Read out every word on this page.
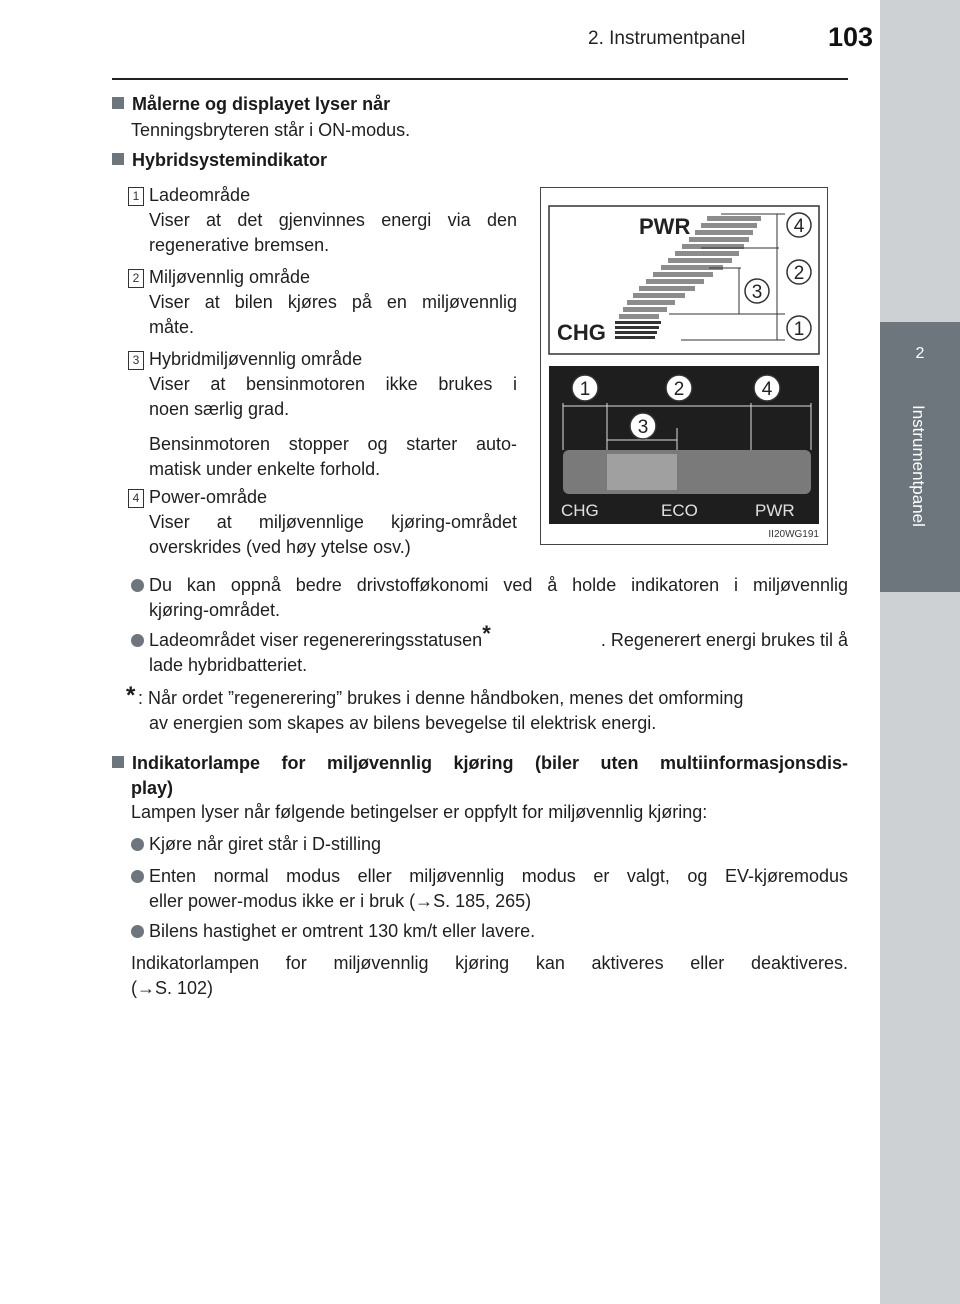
2. Instrumentpanel	103
2
Instrumentpanel
Målerne og displayet lyser når
Tenningsbryteren står i ON-modus.
Hybridsystemindikator
1 Ladeområde
Viser at det gjenvinnes energi via den
regenerative bremsen.
2 Miljøvennlig område
Viser at bilen kjøres på en miljøvennlig
måte.
3 Hybridmiljøvennlig område
Viser at bensinmotoren ikke brukes i
noen særlig grad.
Bensinmotoren stopper og starter auto-
matisk under enkelte forhold.
4 Power-område
Viser at miljøvennlige kjøring-området
overskrides (ved høy ytelse osv.)
PWR
CHG
4
2
3
1
1	2	4
3
CHG	ECO	PWR
II20WG191
Du kan oppnå bedre drivstofføkonomi ved å holde indikatoren i miljøvennlig
kjøring-området.
Ladeområdet viser regenereringsstatusen*	. Regenerert energi brukes til å
lade hybridbatteriet.
* : Når ordet ”regenerering” brukes i denne håndboken, menes det omforming
av energien som skapes av bilens bevegelse til elektrisk energi.
Indikatorlampe for miljøvennlig kjøring (biler uten multiinformasjonsdis-
play)
Lampen lyser når følgende betingelser er oppfylt for miljøvennlig kjøring:
Kjøre når giret står i D-stilling
Enten normal modus eller miljøvennlig modus er valgt, og EV-kjøremodus
eller power-modus ikke er i bruk (→S. 185, 265)
Bilens hastighet er omtrent 130 km/t eller lavere.
Indikatorlampen for miljøvennlig kjøring kan aktiveres eller deaktiveres.
(→S. 102)
